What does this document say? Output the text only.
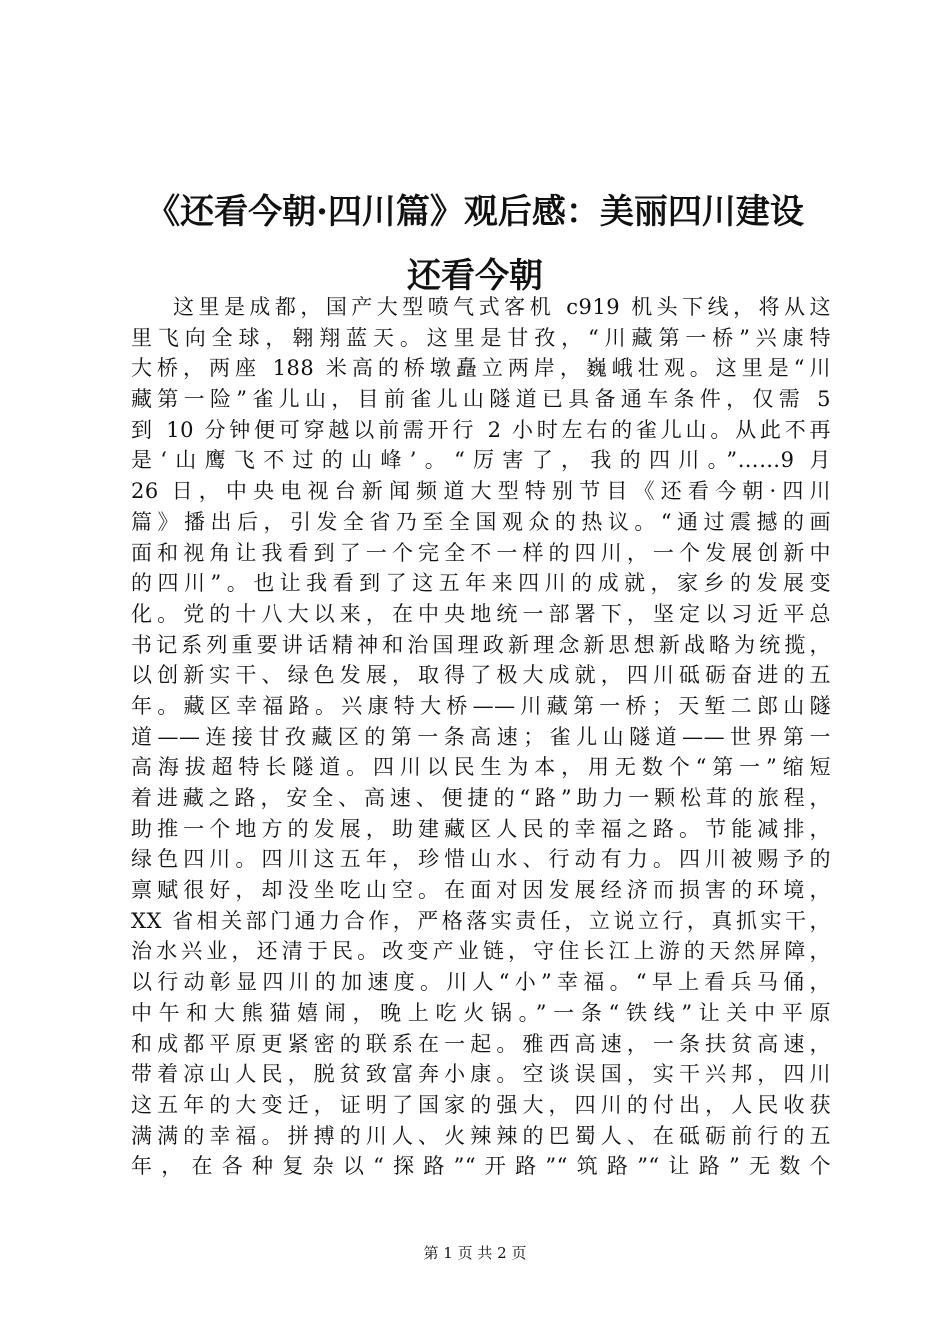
《还看今朝·四川篇》观后感：美丽四川建设
还看今朝
这里是成都，国产大型喷气式客机 c919 机头下线，将从这
里飞向全球，翱翔蓝天。这里是甘孜，“川藏第一桥”兴康特
大桥，两座 188 米高的桥墩矗立两岸，巍峨壮观。这里是“川
藏第一险”雀儿山，目前雀儿山隧道已具备通车条件，仅需 5
到 10 分钟便可穿越以前需开行 2 小时左右的雀儿山。从此不再
是‘山鹰飞不过的山峰’。“厉害了，我的四川。”……9 月
26 日，中央电视台新闻频道大型特别节目《还看今朝·四川
篇》播出后，引发全省乃至全国观众的热议。“通过震撼的画
面和视角让我看到了一个完全不一样的四川，一个发展创新中
的四川”。也让我看到了这五年来四川的成就，家乡的发展变
化。党的十八大以来，在中央地统一部署下，坚定以习近平总
书记系列重要讲话精神和治国理政新理念新思想新战略为统揽，
以创新实干、绿色发展，取得了极大成就，四川砥砺奋进的五
年。藏区幸福路。兴康特大桥——川藏第一桥；天堑二郎山隧
道——连接甘孜藏区的第一条高速；雀儿山隧道——世界第一
高海拔超特长隧道。四川以民生为本，用无数个“第一”缩短
着进藏之路，安全、高速、便捷的“路”助力一颗松茸的旅程，
助推一个地方的发展，助建藏区人民的幸福之路。节能减排，
绿色四川。四川这五年，珍惜山水、行动有力。四川被赐予的
禀赋很好，却没坐吃山空。在面对因发展经济而损害的环境，
XX 省相关部门通力合作，严格落实责任，立说立行，真抓实干，
治水兴业，还清于民。改变产业链，守住长江上游的天然屏障，
以行动彰显四川的加速度。川人“小”幸福。“早上看兵马俑，
中午和大熊猫嬉闹，晚上吃火锅。”一条“铁线”让关中平原
和成都平原更紧密的联系在一起。雅西高速，一条扶贫高速，
带着凉山人民，脱贫致富奔小康。空谈误国，实干兴邦，四川
这五年的大变迁，证明了国家的强大，四川的付出，人民收获
满满的幸福。拼搏的川人、火辣辣的巴蜀人、在砥砺前行的五
年，在各种复杂以“探路”“开路”“筑路”“让路”无数个
第 1 页 共 2 页
